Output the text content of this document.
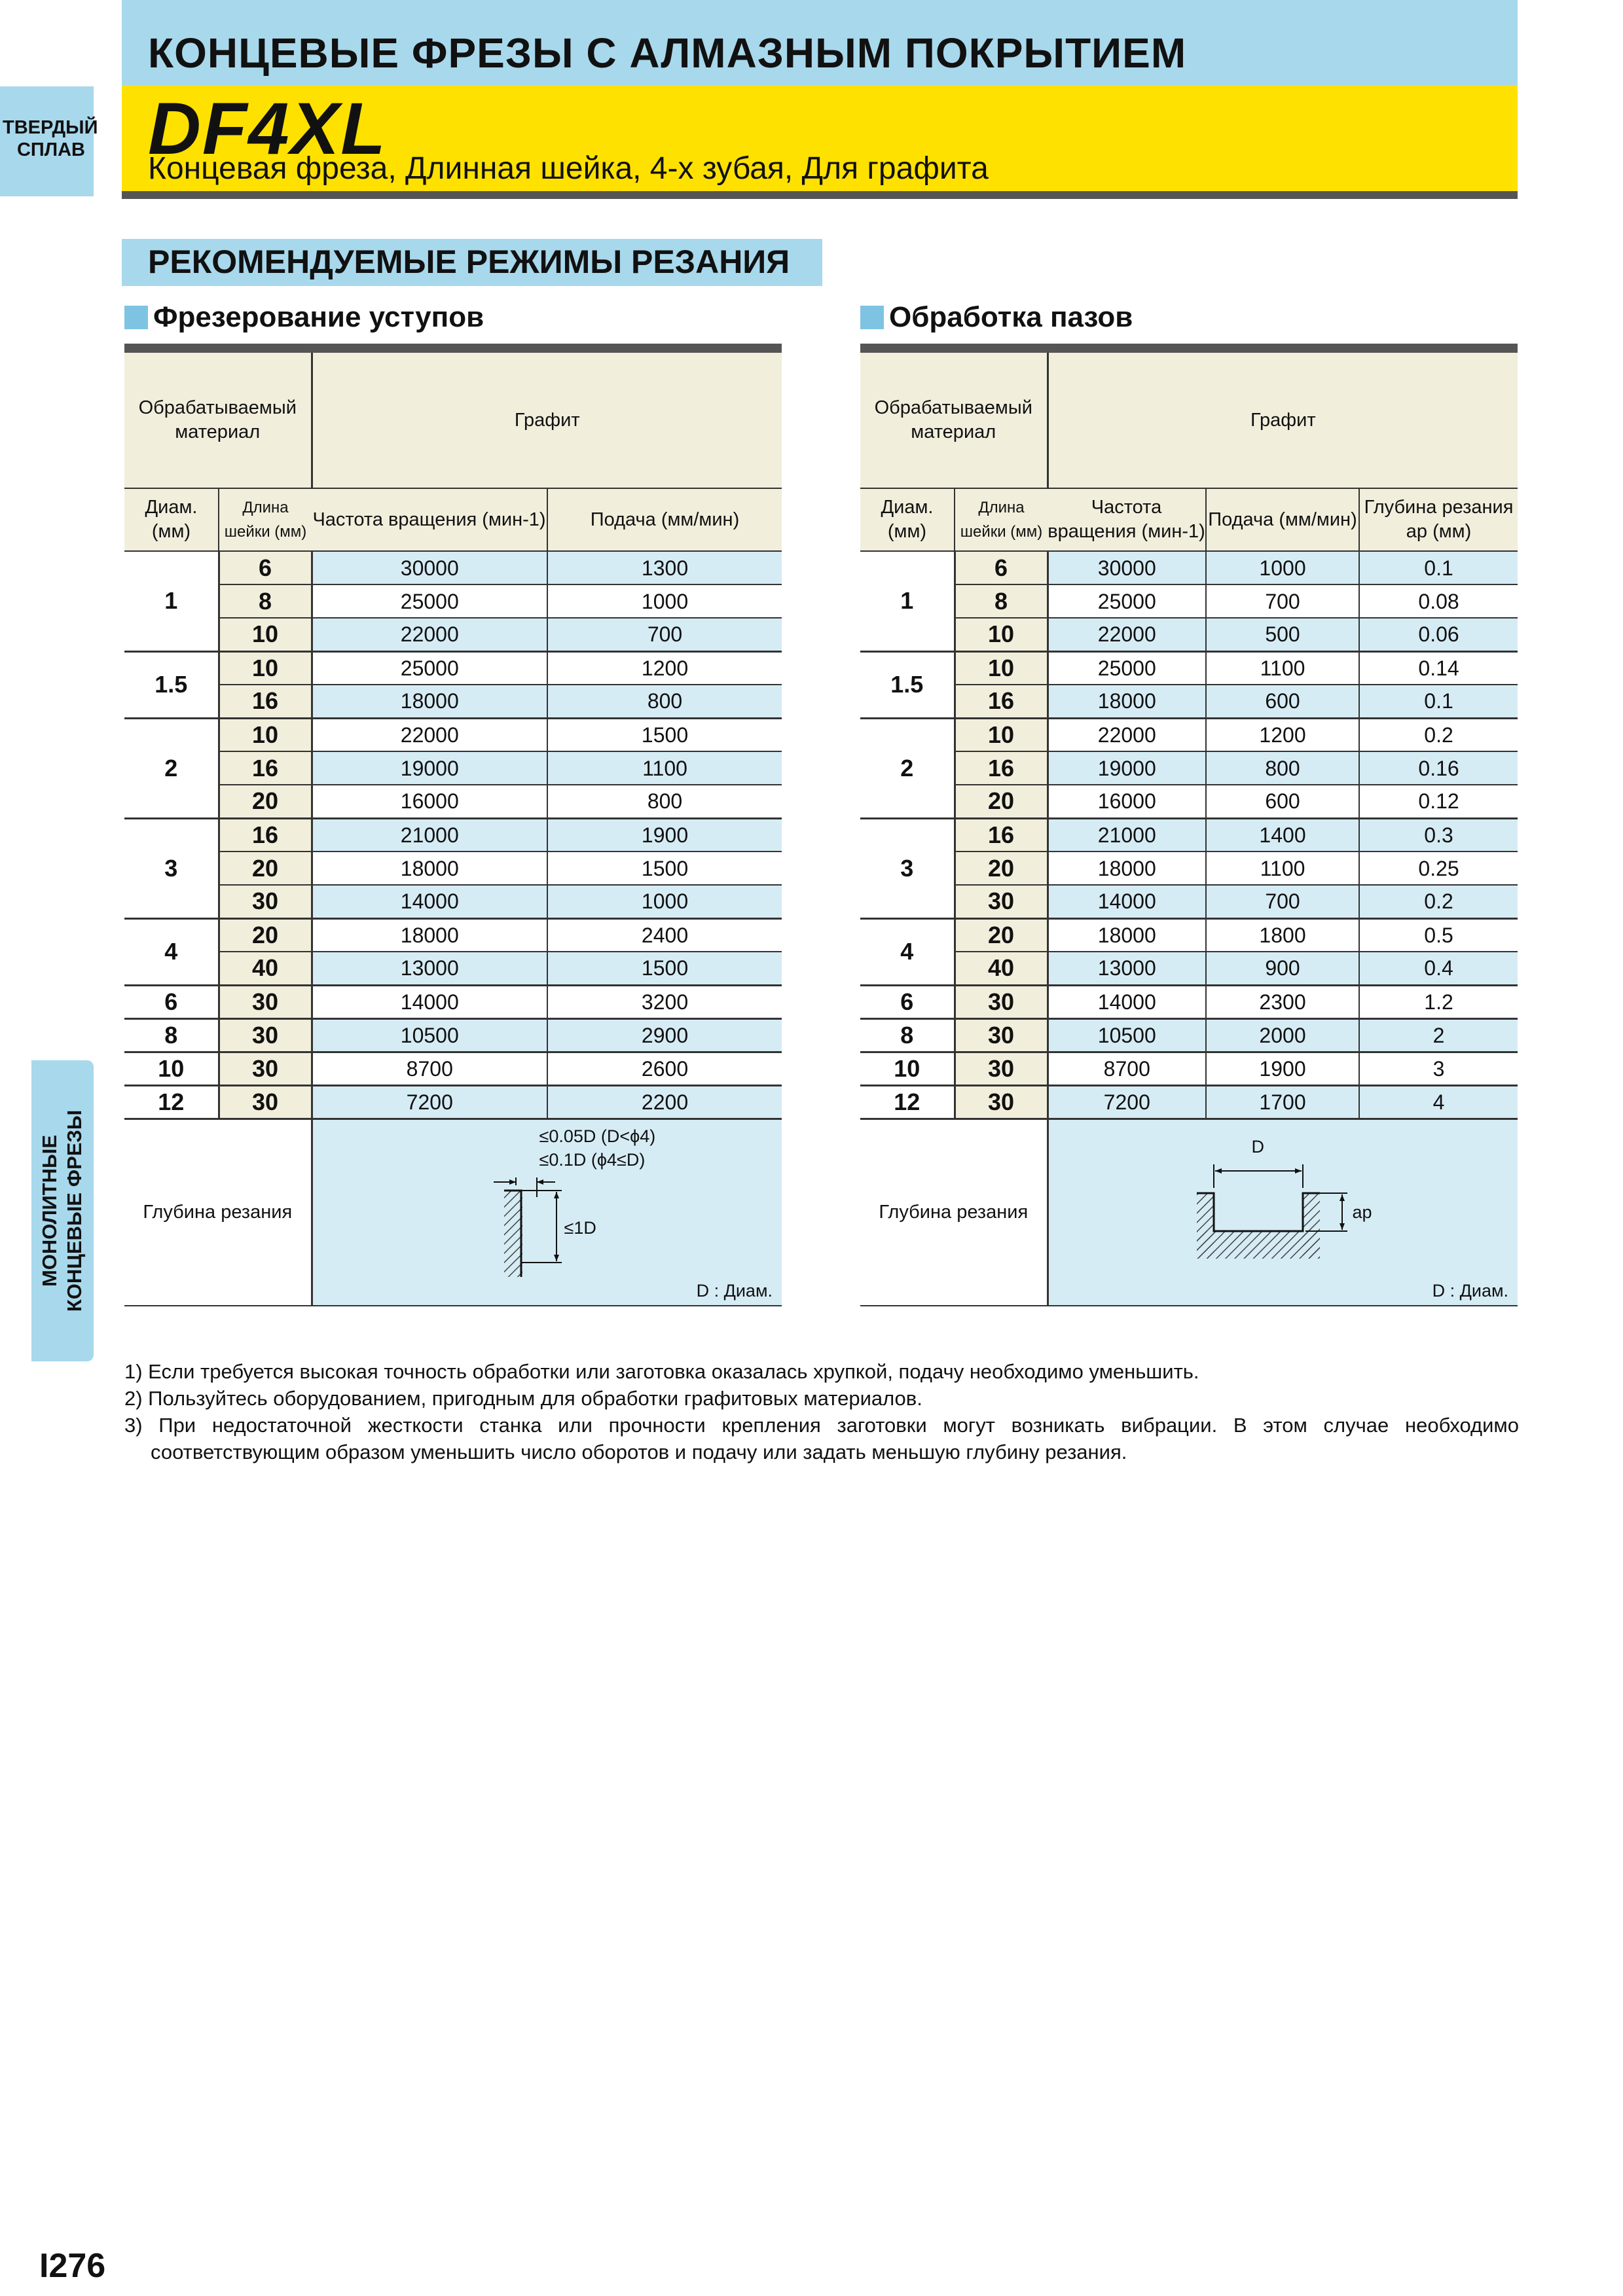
КОНЦЕВЫЕ ФРЕЗЫ С АЛМАЗНЫМ ПОКРЫТИЕМ
DF4XL
Концевая фреза, Длинная шейка, 4-х зубая, Для графита
ТВЕРДЫЙ СПЛАВ
МОНОЛИТНЫЕ КОНЦЕВЫЕ ФРЕЗЫ
РЕКОМЕНДУЕМЫЕ РЕЖИМЫ РЕЗАНИЯ
Фрезерование уступов	Обработка пазов
Обрабатываемый материал		Графит	
Диам. (мм)	Длина шейки (мм)	Частота вращения (мин-1)	Подача (мм/мин)
1	6	30000	1300
	8	25000	1000
	10	22000	700
1.5	10	25000	1200
	16	18000	800
2	10	22000	1500
	16	19000	1100
	20	16000	800
3	16	21000	1900
	20	18000	1500
	30	14000	1000
4	20	18000	2400
	40	13000	1500
6	30	14000	3200
8	30	10500	2900
10	30	8700	2600
12	30	7200	2200
Глубина резания		≤0.05D (D<ϕ4)
≤0.1D (ϕ4≤D)
≤1D
D : Диам.	
Обрабатываемый материал		Графит		
Диам. (мм)	Длина шейки (мм)	Частота вращения (мин-1)	Подача (мм/мин)	Глубина резания ap (мм)
1	6	30000	1000	0.1
	8	25000	700	0.08
	10	22000	500	0.06
1.5	10	25000	1100	0.14
	16	18000	600	0.1
2	10	22000	1200	0.2
	16	19000	800	0.16
	20	16000	600	0.12
3	16	21000	1400	0.3
	20	18000	1100	0.25
	30	14000	700	0.2
4	20	18000	1800	0.5
	40	13000	900	0.4
6	30	14000	2300	1.2
8	30	10500	2000	2
10	30	8700	1900	3
12	30	7200	1700	4
Глубина резания		D
ap
D : Диам.		
1) Если требуется высокая точность обработки или заготовка оказалась хрупкой, подачу необходимо уменьшить.
2) Пользуйтесь оборудованием, пригодным для обработки графитовых материалов.
3) При недостаточной жесткости станка или прочности крепления заготовки могут возникать вибрации. В этом случае необходимо соответствующим образом уменьшить число оборотов и подачу или задать меньшую глубину резания.
I276
